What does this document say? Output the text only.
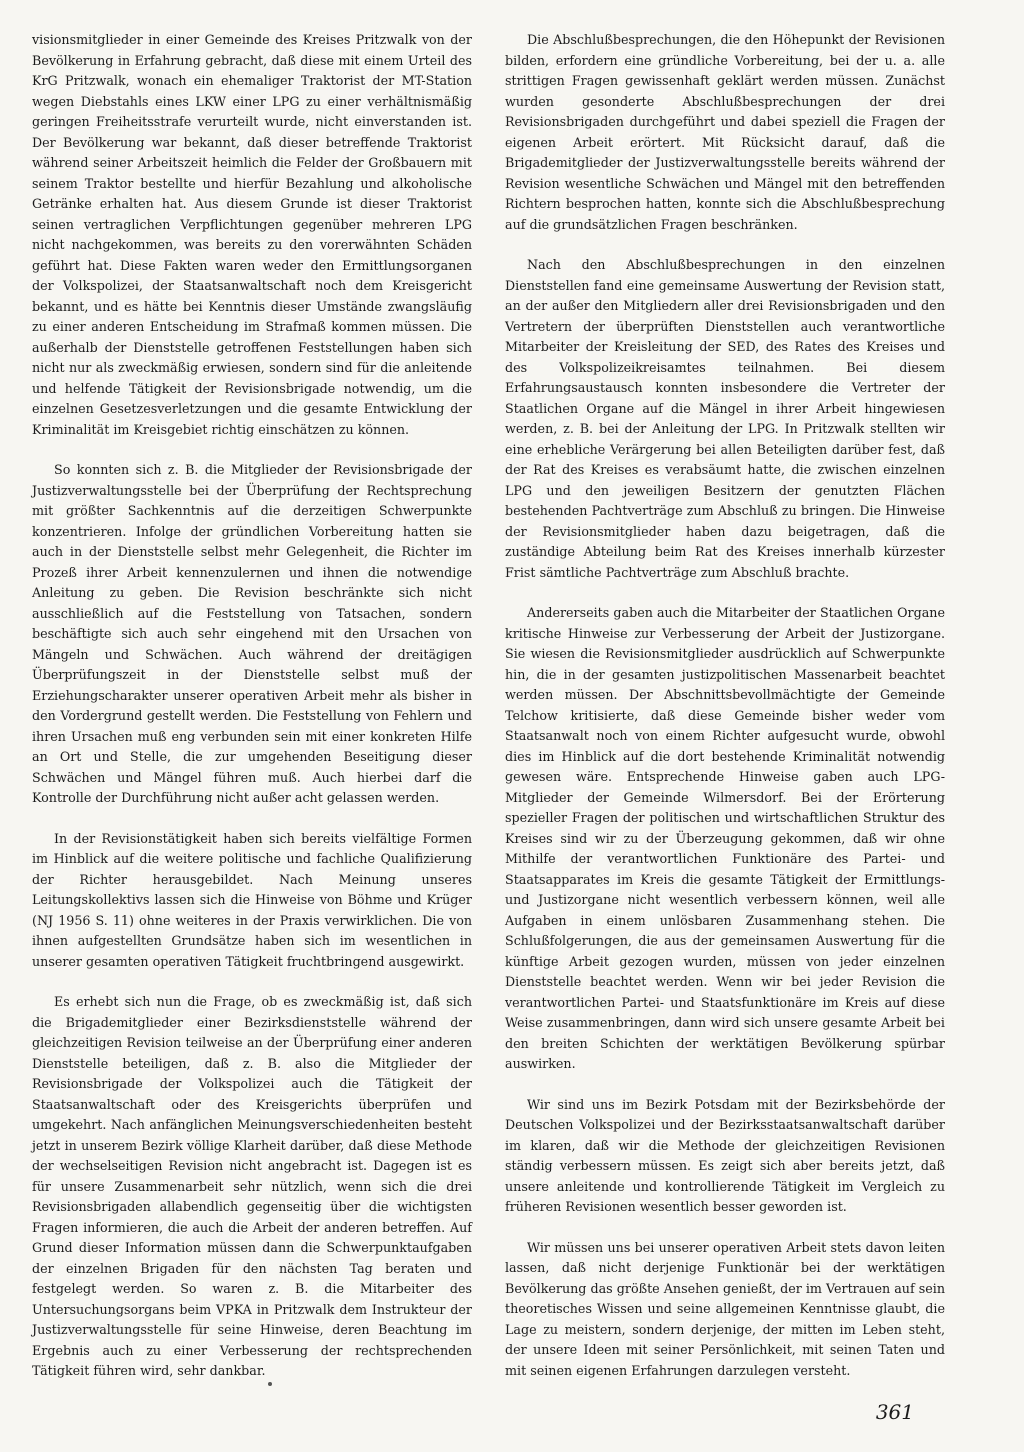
visionsmitglieder in einer Gemeinde des Kreises Pritzwalk von der Bevölkerung in Erfahrung gebracht, daß diese mit einem Urteil des KrG Pritzwalk, wonach ein ehemaliger Traktorist der MT-Station wegen Diebstahls eines LKW einer LPG zu einer verhältnismäßig geringen Freiheitsstrafe verurteilt wurde, nicht einverstanden ist. Der Bevölkerung war bekannt, daß dieser betreffende Traktorist während seiner Arbeitszeit heimlich die Felder der Großbauern mit seinem Traktor bestellte und hierfür Bezahlung und alkoholische Getränke erhalten hat. Aus diesem Grunde ist dieser Traktorist seinen vertraglichen Verpflichtungen gegenüber mehreren LPG nicht nachgekommen, was bereits zu den vorerwähnten Schäden geführt hat. Diese Fakten waren weder den Ermittlungsorganen der Volkspolizei, der Staatsanwaltschaft noch dem Kreisgericht bekannt, und es hätte bei Kenntnis dieser Umstände zwangsläufig zu einer anderen Entscheidung im Strafmaß kommen müssen. Die außerhalb der Dienststelle getroffenen Feststellungen haben sich nicht nur als zweckmäßig erwiesen, sondern sind für die anleitende und helfende Tätigkeit der Revisionsbrigade notwendig, um die einzelnen Gesetzesverletzungen und die gesamte Entwicklung der Kriminalität im Kreisgebiet richtig einschätzen zu können.

So konnten sich z. B. die Mitglieder der Revisionsbrigade der Justizverwaltungsstelle bei der Überprüfung der Rechtsprechung mit größter Sachkenntnis auf die derzeitigen Schwerpunkte konzentrieren. Infolge der gründlichen Vorbereitung hatten sie auch in der Dienststelle selbst mehr Gelegenheit, die Richter im Prozeß ihrer Arbeit kennenzulernen und ihnen die notwendige Anleitung zu geben. Die Revision beschränkte sich nicht ausschließlich auf die Feststellung von Tatsachen, sondern beschäftigte sich auch sehr eingehend mit den Ursachen von Mängeln und Schwächen. Auch während der dreitägigen Überprüfungszeit in der Dienststelle selbst muß der Erziehungscharakter unserer operativen Arbeit mehr als bisher in den Vordergrund gestellt werden. Die Feststellung von Fehlern und ihren Ursachen muß eng verbunden sein mit einer konkreten Hilfe an Ort und Stelle, die zur umgehenden Beseitigung dieser Schwächen und Mängel führen muß. Auch hierbei darf die Kontrolle der Durchführung nicht außer acht gelassen werden.

In der Revisionstätigkeit haben sich bereits vielfältige Formen im Hinblick auf die weitere politische und fachliche Qualifizierung der Richter herausgebildet. Nach Meinung unseres Leitungskollektivs lassen sich die Hinweise von Böhme und Krüger (NJ 1956 S. 11) ohne weiteres in der Praxis verwirklichen. Die von ihnen aufgestellten Grundsätze haben sich im wesentlichen in unserer gesamten operativen Tätigkeit fruchtbringend ausgewirkt.

Es erhebt sich nun die Frage, ob es zweckmäßig ist, daß sich die Brigademitglieder einer Bezirksdienststelle während der gleichzeitigen Revision teilweise an der Überprüfung einer anderen Dienststelle beteiligen, daß z. B. also die Mitglieder der Revisionsbrigade der Volkspolizei auch die Tätigkeit der Staatsanwaltschaft oder des Kreisgerichts überprüfen und umgekehrt. Nach anfänglichen Meinungsverschiedenheiten besteht jetzt in unserem Bezirk völlige Klarheit darüber, daß diese Methode der wechselseitigen Revision nicht angebracht ist. Dagegen ist es für unsere Zusammenarbeit sehr nützlich, wenn sich die drei Revisionsbrigaden allabendlich gegenseitig über die wichtigsten Fragen informieren, die auch die Arbeit der anderen betreffen. Auf Grund dieser Information müssen dann die Schwerpunktaufgaben der einzelnen Brigaden für den nächsten Tag beraten und festgelegt werden. So waren z. B. die Mitarbeiter des Untersuchungsorgans beim VPKA in Pritzwalk dem Instrukteur der Justizverwaltungsstelle für seine Hinweise, deren Beachtung im Ergebnis auch zu einer Verbesserung der rechtsprechenden Tätigkeit führen wird, sehr dankbar.

Die Abschlußbesprechungen, die den Höhepunkt der Revisionen bilden, erfordern eine gründliche Vorbereitung, bei der u. a. alle strittigen Fragen gewissenhaft geklärt werden müssen. Zunächst wurden gesonderte Abschlußbesprechungen der drei Revisionsbrigaden durchgeführt und dabei speziell die Fragen der eigenen Arbeit erörtert. Mit Rücksicht darauf, daß die Brigademitglieder der Justizverwaltungsstelle bereits während der Revision wesentliche Schwächen und Mängel mit den betreffenden Richtern besprochen hatten, konnte sich die Abschlußbesprechung auf die grundsätzlichen Fragen beschränken.

Nach den Abschlußbesprechungen in den einzelnen Dienststellen fand eine gemeinsame Auswertung der Revision statt, an der außer den Mitgliedern aller drei Revisionsbrigaden und den Vertretern der überprüften Dienststellen auch verantwortliche Mitarbeiter der Kreisleitung der SED, des Rates des Kreises und des Volkspolizeikreisamtes teilnahmen. Bei diesem Erfahrungsaustausch konnten insbesondere die Vertreter der Staatlichen Organe auf die Mängel in ihrer Arbeit hingewiesen werden, z. B. bei der Anleitung der LPG. In Pritzwalk stellten wir eine erhebliche Verärgerung bei allen Beteiligten darüber fest, daß der Rat des Kreises es verabsäumt hatte, die zwischen einzelnen LPG und den jeweiligen Besitzern der genutzten Flächen bestehenden Pachtverträge zum Abschluß zu bringen. Die Hinweise der Revisionsmitglieder haben dazu beigetragen, daß die zuständige Abteilung beim Rat des Kreises innerhalb kürzester Frist sämtliche Pachtverträge zum Abschluß brachte.

Andererseits gaben auch die Mitarbeiter der Staatlichen Organe kritische Hinweise zur Verbesserung der Arbeit der Justizorgane. Sie wiesen die Revisionsmitglieder ausdrücklich auf Schwerpunkte hin, die in der gesamten justizpolitischen Massenarbeit beachtet werden müssen. Der Abschnittsbevollmächtigte der Gemeinde Telchow kritisierte, daß diese Gemeinde bisher weder vom Staatsanwalt noch von einem Richter aufgesucht wurde, obwohl dies im Hinblick auf die dort bestehende Kriminalität notwendig gewesen wäre. Entsprechende Hinweise gaben auch LPG-Mitglieder der Gemeinde Wilmersdorf. Bei der Erörterung spezieller Fragen der politischen und wirtschaftlichen Struktur des Kreises sind wir zu der Überzeugung gekommen, daß wir ohne Mithilfe der verantwortlichen Funktionäre des Partei- und Staatsapparates im Kreis die gesamte Tätigkeit der Ermittlungs- und Justizorgane nicht wesentlich verbessern können, weil alle Aufgaben in einem unlösbaren Zusammenhang stehen. Die Schlußfolgerungen, die aus der gemeinsamen Auswertung für die künftige Arbeit gezogen wurden, müssen von jeder einzelnen Dienststelle beachtet werden. Wenn wir bei jeder Revision die verantwortlichen Partei- und Staatsfunktionäre im Kreis auf diese Weise zusammenbringen, dann wird sich unsere gesamte Arbeit bei den breiten Schichten der werktätigen Bevölkerung spürbar auswirken.

Wir sind uns im Bezirk Potsdam mit der Bezirksbehörde der Deutschen Volkspolizei und der Bezirksstaatsanwaltschaft darüber im klaren, daß wir die Methode der gleichzeitigen Revisionen ständig verbessern müssen. Es zeigt sich aber bereits jetzt, daß unsere anleitende und kontrollierende Tätigkeit im Vergleich zu früheren Revisionen wesentlich besser geworden ist.

Wir müssen uns bei unserer operativen Arbeit stets davon leiten lassen, daß nicht derjenige Funktionär bei der werktätigen Bevölkerung das größte Ansehen genießt, der im Vertrauen auf sein theoretisches Wissen und seine allgemeinen Kenntnisse glaubt, die Lage zu meistern, sondern derjenige, der mitten im Leben steht, der unsere Ideen mit seiner Persönlichkeit, mit seinen Taten und mit seinen eigenen Erfahrungen darzulegen versteht.

361
